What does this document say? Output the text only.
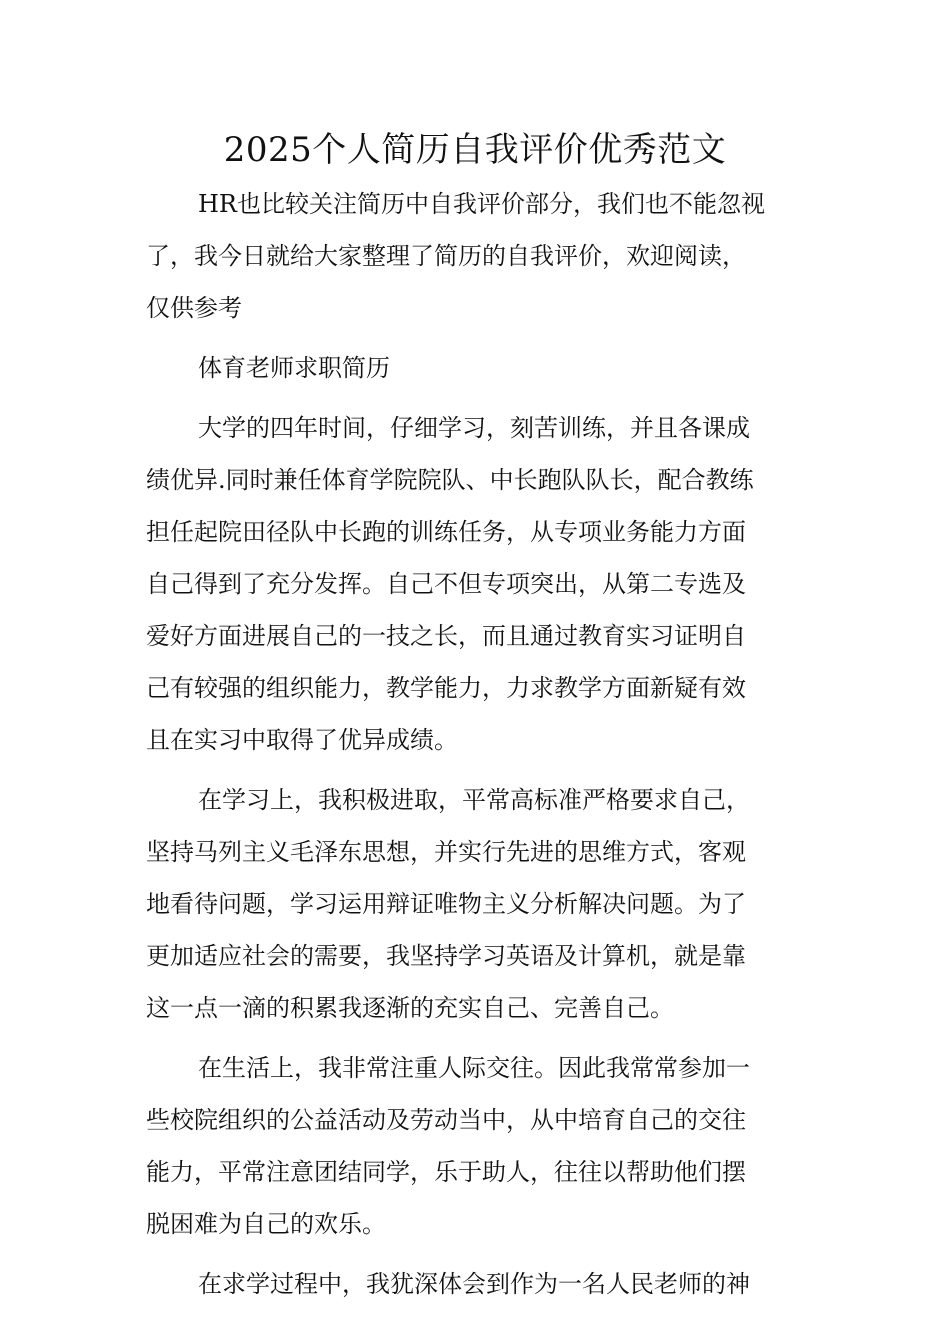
2025个人简历自我评价优秀范文
HR也比较关注简历中自我评价部分，我们也不能忽视
了，我今日就给大家整理了简历的自我评价，欢迎阅读，
仅供参考
体育老师求职简历
大学的四年时间，仔细学习，刻苦训练，并且各课成
绩优异.同时兼任体育学院院队、中长跑队队长，配合教练
担任起院田径队中长跑的训练任务，从专项业务能力方面
自己得到了充分发挥。自己不但专项突出，从第二专选及
爱好方面进展自己的一技之长，而且通过教育实习证明自
己有较强的组织能力，教学能力，力求教学方面新疑有效
且在实习中取得了优异成绩。
在学习上，我积极进取，平常高标准严格要求自己，
坚持马列主义毛泽东思想，并实行先进的思维方式，客观
地看待问题，学习运用辩证唯物主义分析解决问题。为了
更加适应社会的需要，我坚持学习英语及计算机，就是靠
这一点一滴的积累我逐渐的充实自己、完善自己。
在生活上，我非常注重人际交往。因此我常常参加一
些校院组织的公益活动及劳动当中，从中培育自己的交往
能力，平常注意团结同学，乐于助人，往往以帮助他们摆
脱困难为自己的欢乐。
在求学过程中，我犹深体会到作为一名人民老师的神
